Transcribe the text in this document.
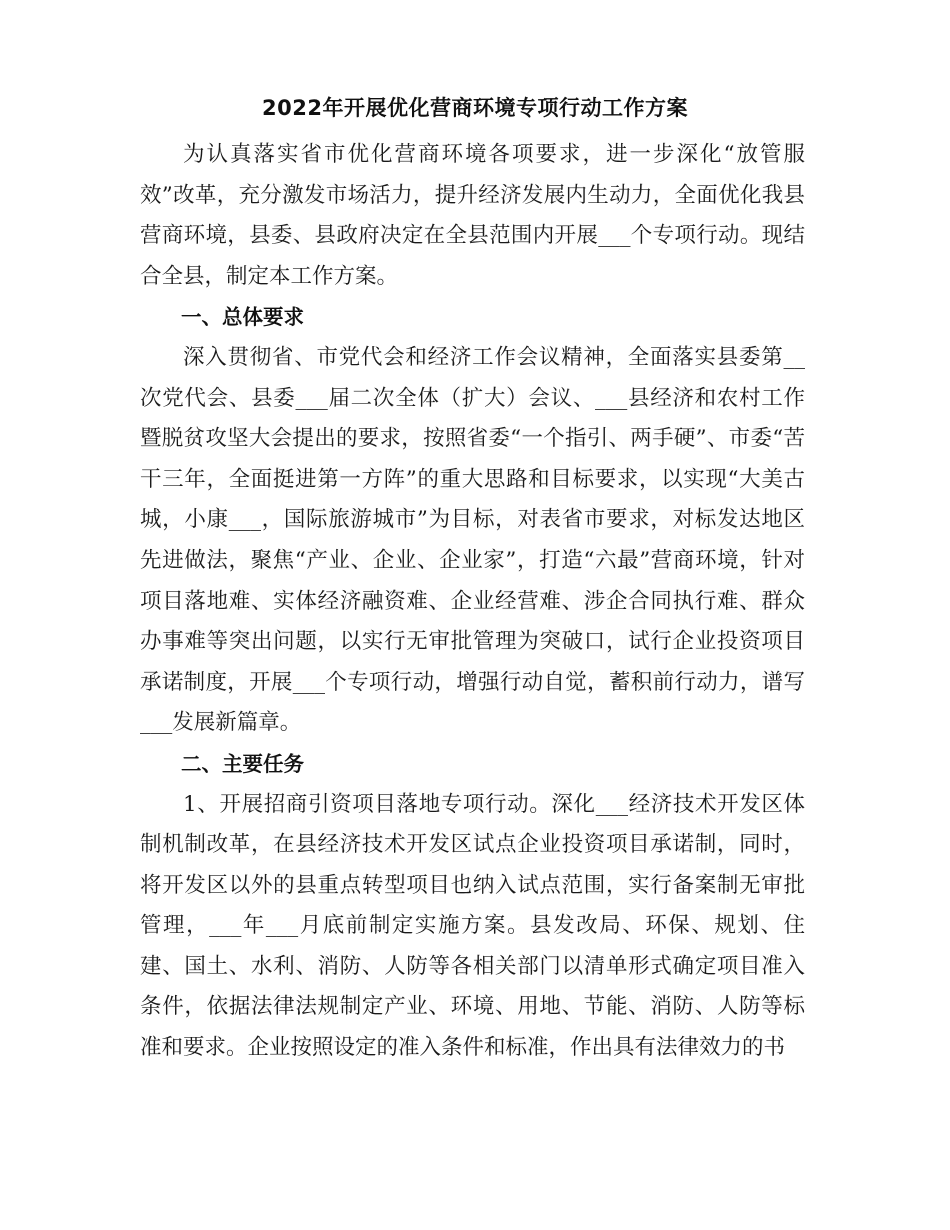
2022年开展优化营商环境专项行动工作方案

为认真落实省市优化营商环境各项要求，进一步深化“放管服效”改革，充分激发市场活力，提升经济发展内生动力，全面优化我县营商环境，县委、县政府决定在全县范围内开展___个专项行动。现结合全县，制定本工作方案。

一、总体要求

深入贯彻省、市党代会和经济工作会议精神，全面落实县委第__次党代会、县委___届二次全体（扩大）会议、___县经济和农村工作暨脱贫攻坚大会提出的要求，按照省委“一个指引、两手硬”、市委“苦干三年，全面挺进第一方阵”的重大思路和目标要求，以实现“大美古城，小康___，国际旅游城市”为目标，对表省市要求，对标发达地区先进做法，聚焦“产业、企业、企业家”，打造“六最”营商环境，针对项目落地难、实体经济融资难、企业经营难、涉企合同执行难、群众办事难等突出问题，以实行无审批管理为突破口，试行企业投资项目承诺制度，开展___个专项行动，增强行动自觉，蓄积前行动力，谱写___发展新篇章。

二、主要任务

1、开展招商引资项目落地专项行动。深化___经济技术开发区体制机制改革，在县经济技术开发区试点企业投资项目承诺制，同时，将开发区以外的县重点转型项目也纳入试点范围，实行备案制无审批管理，___年___月底前制定实施方案。县发改局、环保、规划、住建、国土、水利、消防、人防等各相关部门以清单形式确定项目准入条件，依据法律法规制定产业、环境、用地、节能、消防、人防等标准和要求。企业按照设定的准入条件和标准，作出具有法律效力的书
